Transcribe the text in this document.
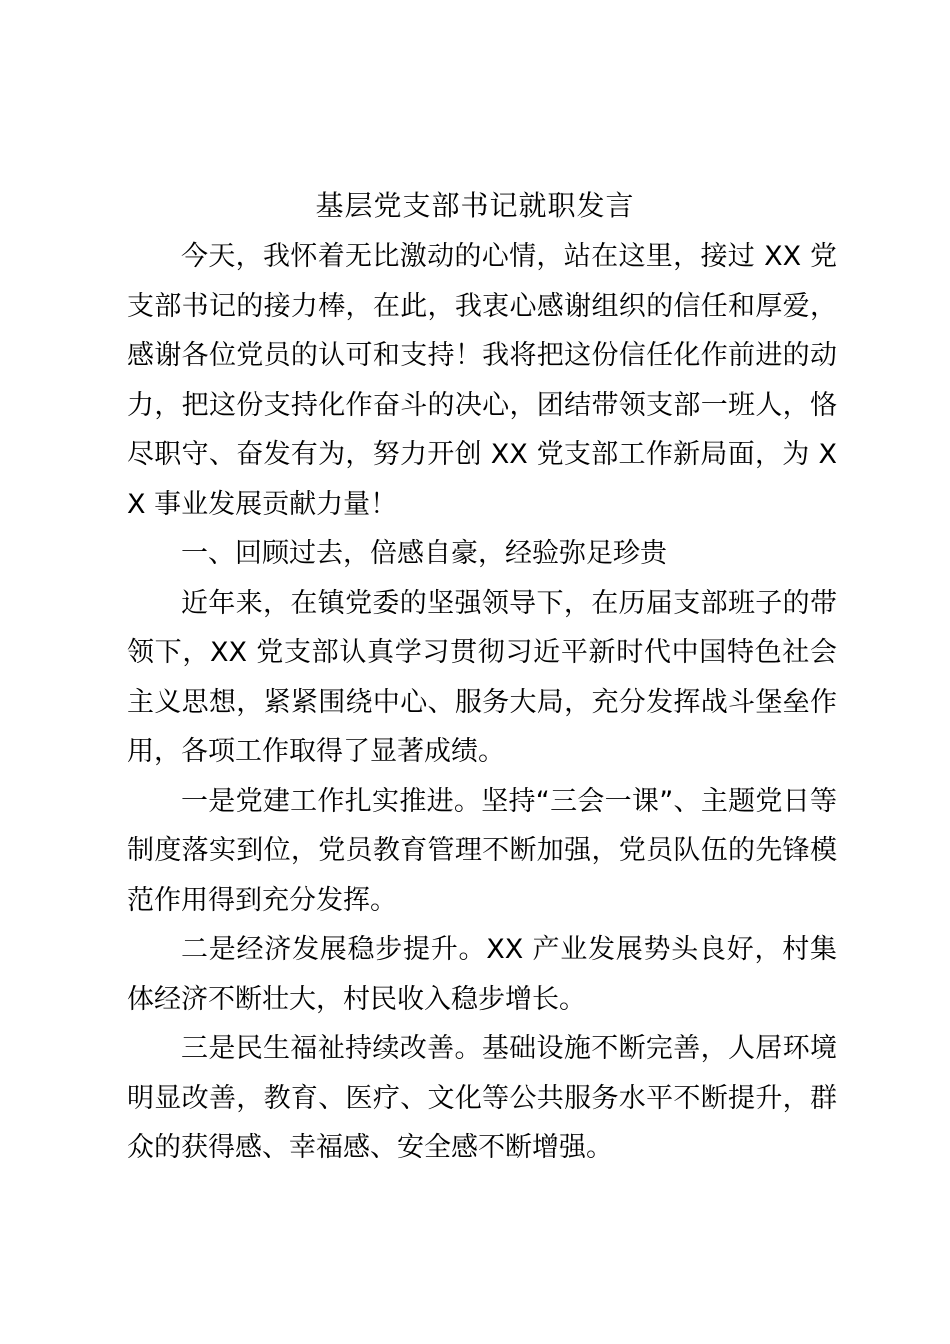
基层党支部书记就职发言

今天，我怀着无比激动的心情，站在这里，接过 XX 党支部书记的接力棒，在此，我衷心感谢组织的信任和厚爱，感谢各位党员的认可和支持！我将把这份信任化作前进的动力，把这份支持化作奋斗的决心，团结带领支部一班人，恪尽职守、奋发有为，努力开创 XX 党支部工作新局面，为 XX 事业发展贡献力量！

一、回顾过去，倍感自豪，经验弥足珍贵

近年来，在镇党委的坚强领导下，在历届支部班子的带领下，XX 党支部认真学习贯彻习近平新时代中国特色社会主义思想，紧紧围绕中心、服务大局，充分发挥战斗堡垒作用，各项工作取得了显著成绩。

一是党建工作扎实推进。坚持“三会一课”、主题党日等制度落实到位，党员教育管理不断加强，党员队伍的先锋模范作用得到充分发挥。

二是经济发展稳步提升。XX 产业发展势头良好，村集体经济不断壮大，村民收入稳步增长。

三是民生福祉持续改善。基础设施不断完善，人居环境明显改善，教育、医疗、文化等公共服务水平不断提升，群众的获得感、幸福感、安全感不断增强。
